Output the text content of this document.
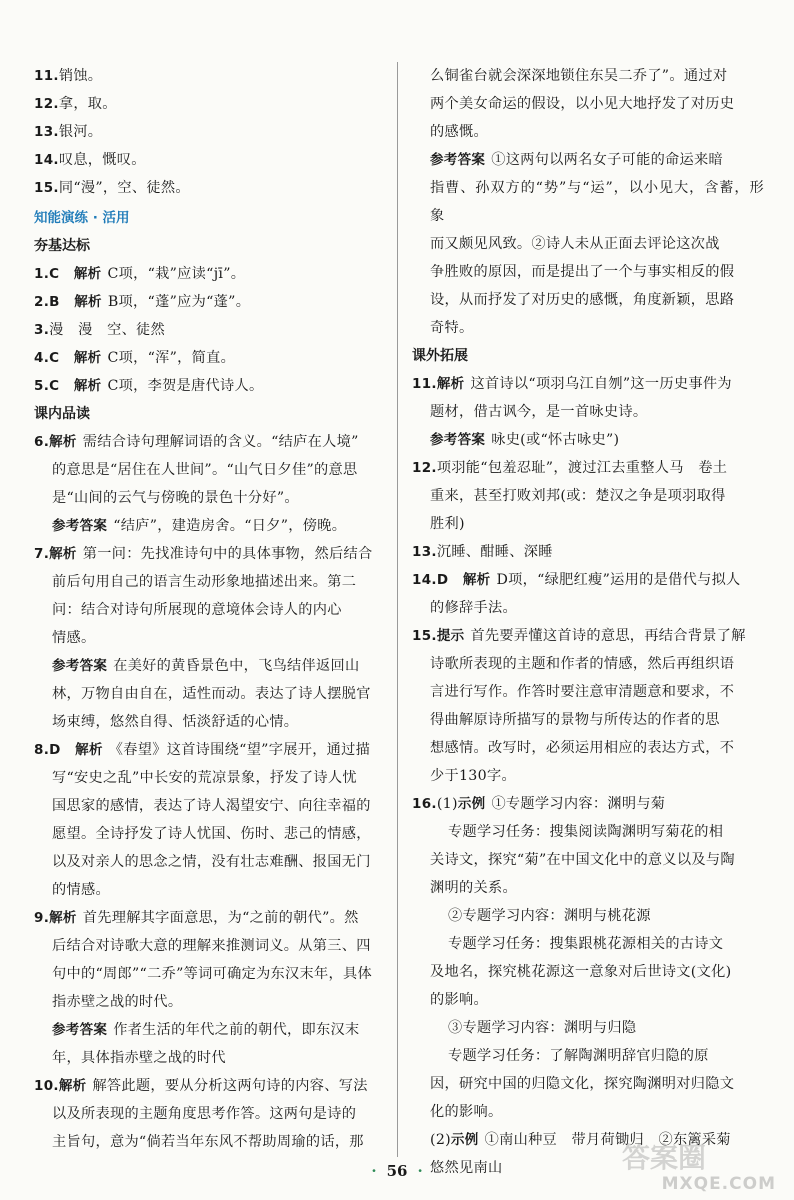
11.销蚀。

12.拿，取。

13.银河。

14.叹息，慨叹。

15.同“漫”，空、徒然。

知能演练 · 活用

夯基达标

1.C　 解析 C项，“栽”应读“jī”。

2.B　 解析 B项，“蓬”应为“蓬”。

3.漫　漫　空、徒然

4.C　 解析 C项，“浑”，简直。

5.C　 解析 C项，李贺是唐代诗人。

课内品读

6.解析 需结合诗句理解词语的含义。“结庐在人境”

的意思是“居住在人世间”。“山气日夕佳”的意思

是“山间的云气与傍晚的景色十分好”。

参考答案 “结庐”，建造房舍。“日夕”，傍晚。

7.解析 第一问：先找准诗句中的具体事物，然后结合

前后句用自己的语言生动形象地描述出来。第二

问：结合对诗句所展现的意境体会诗人的内心

情感。

参考答案 在美好的黄昏景色中，飞鸟结伴返回山

林，万物自由自在，适性而动。表达了诗人摆脱官

场束缚，悠然自得、恬淡舒适的心情。

8.D　 解析 《春望》这首诗围绕“望”字展开，通过描

写“安史之乱”中长安的荒凉景象，抒发了诗人忧

国思家的感情，表达了诗人渴望安宁、向往幸福的

愿望。全诗抒发了诗人忧国、伤时、悲己的情感，

以及对亲人的思念之情，没有壮志难酬、报国无门

的情感。

9.解析 首先理解其字面意思，为“之前的朝代”。然

后结合对诗歌大意的理解来推测词义。从第三、四

句中的“周郎”“二乔”等词可确定为东汉末年，具体

指赤壁之战的时代。

参考答案 作者生活的年代之前的朝代，即东汉末

年，具体指赤壁之战的时代

10.解析 解答此题，要从分析这两句诗的内容、写法

以及所表现的主题角度思考作答。这两句是诗的

主旨句，意为“倘若当年东风不帮助周瑜的话，那

么铜雀台就会深深地锁住东吴二乔了”。通过对

两个美女命运的假设，以小见大地抒发了对历史

的感慨。

参考答案 ①这两句以两名女子可能的命运来暗

指曹、孙双方的“势”与“运”，以小见大，含蓄，形象

而又颇见风致。②诗人未从正面去评论这次战

争胜败的原因，而是提出了一个与事实相反的假

设，从而抒发了对历史的感慨，角度新颖，思路

奇特。

课外拓展

11.解析 这首诗以“项羽乌江自刎”这一历史事件为

题材，借古讽今，是一首咏史诗。

参考答案 咏史(或“怀古咏史”)

12.项羽能“包羞忍耻”，渡过江去重整人马　卷土

重来，甚至打败刘邦(或：楚汉之争是项羽取得

胜利)

13.沉睡、酣睡、深睡

14.D　 解析 D项，“绿肥红瘦”运用的是借代与拟人

的修辞手法。

15.提示 首先要弄懂这首诗的意思，再结合背景了解

诗歌所表现的主题和作者的情感，然后再组织语

言进行写作。作答时要注意审清题意和要求，不

得曲解原诗所描写的景物与所传达的作者的思

想感情。改写时，必须运用相应的表达方式，不

少于130字。

16.(1)示例 ①专题学习内容：渊明与菊

专题学习任务：搜集阅读陶渊明写菊花的相

关诗文，探究“菊”在中国文化中的意义以及与陶

渊明的关系。

②专题学习内容：渊明与桃花源

专题学习任务：搜集跟桃花源相关的古诗文

及地名，探究桃花源这一意象对后世诗文(文化)

的影响。

③专题学习内容：渊明与归隐

专题学习任务：了解陶渊明辞官归隐的原

因，研究中国的归隐文化，探究陶渊明对归隐文

化的影响。

(2)示例 ①南山种豆　带月荷锄归　②东篱采菊

悠然见南山

· 56 ·	答案圈
MXQE.COM
